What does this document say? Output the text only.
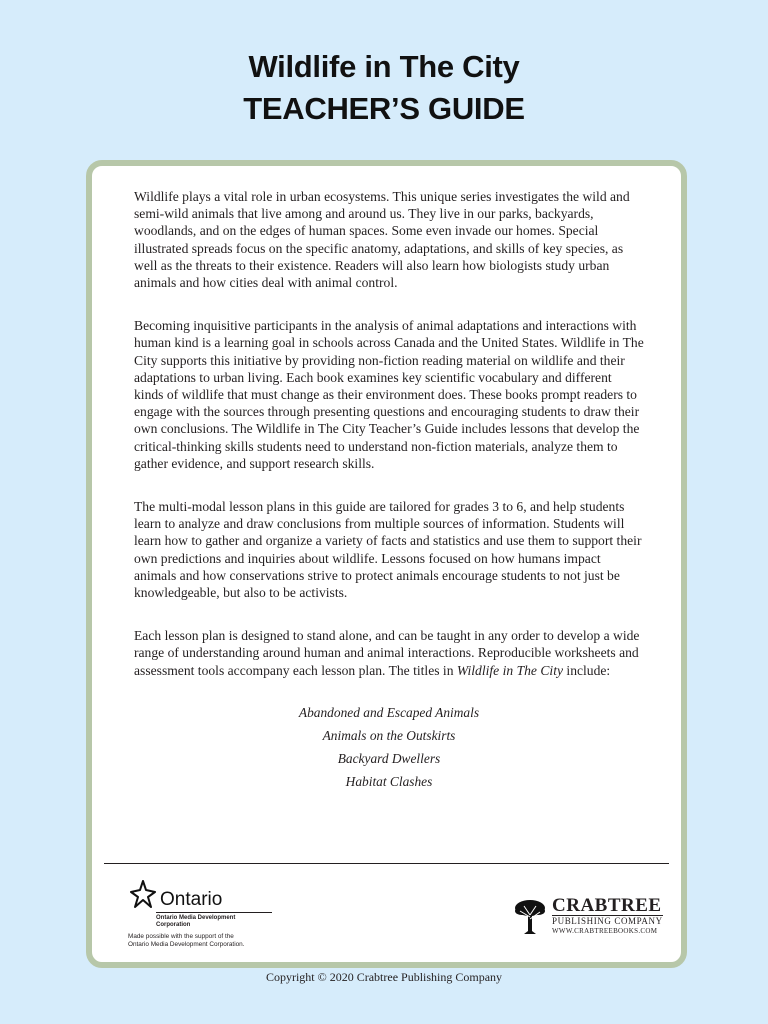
Wildlife in The City
TEACHER’S GUIDE

Wildlife plays a vital role in urban ecosystems. This unique series investigates the wild and semi-wild animals that live among and around us. They live in our parks, backyards, woodlands, and on the edges of human spaces. Some even invade our homes. Special illustrated spreads focus on the specific anatomy, adaptations, and skills of key species, as well as the threats to their existence. Readers will also learn how biologists study urban animals and how cities deal with animal control.

Becoming inquisitive participants in the analysis of animal adaptations and interactions with human kind is a learning goal in schools across Canada and the United States. Wildlife in The City supports this initiative by providing non-fiction reading material on wildlife and their adaptations to urban living. Each book examines key scientific vocabulary and different kinds of wildlife that must change as their environment does. These books prompt readers to engage with the sources through presenting questions and encouraging students to draw their own conclusions. The Wildlife in The City Teacher’s Guide includes lessons that develop the critical-thinking skills students need to understand non-fiction materials, analyze them to gather evidence, and support research skills.

The multi-modal lesson plans in this guide are tailored for grades 3 to 6, and help students learn to analyze and draw conclusions from multiple sources of information. Students will learn how to gather and organize a variety of facts and statistics and use them to support their own predictions and inquiries about wildlife. Lessons focused on how humans impact animals and how conservations strive to protect animals encourage students to not just be knowledgeable, but also to be activists.

Each lesson plan is designed to stand alone, and can be taught in any order to develop a wide range of understanding around human and animal interactions. Reproducible worksheets and assessment tools accompany each lesson plan. The titles in Wildlife in The City include:

Abandoned and Escaped Animals
Animals on the Outskirts
Backyard Dwellers
Habitat Clashes
Ontario
Ontario Media Development
Corporation
Made possible with the support of the
Ontario Media Development Corporation.
CRABTREE
PUBLISHING COMPANY
WWW.CRABTREEBOOKS.COM
Copyright © 2020 Crabtree Publishing Company
